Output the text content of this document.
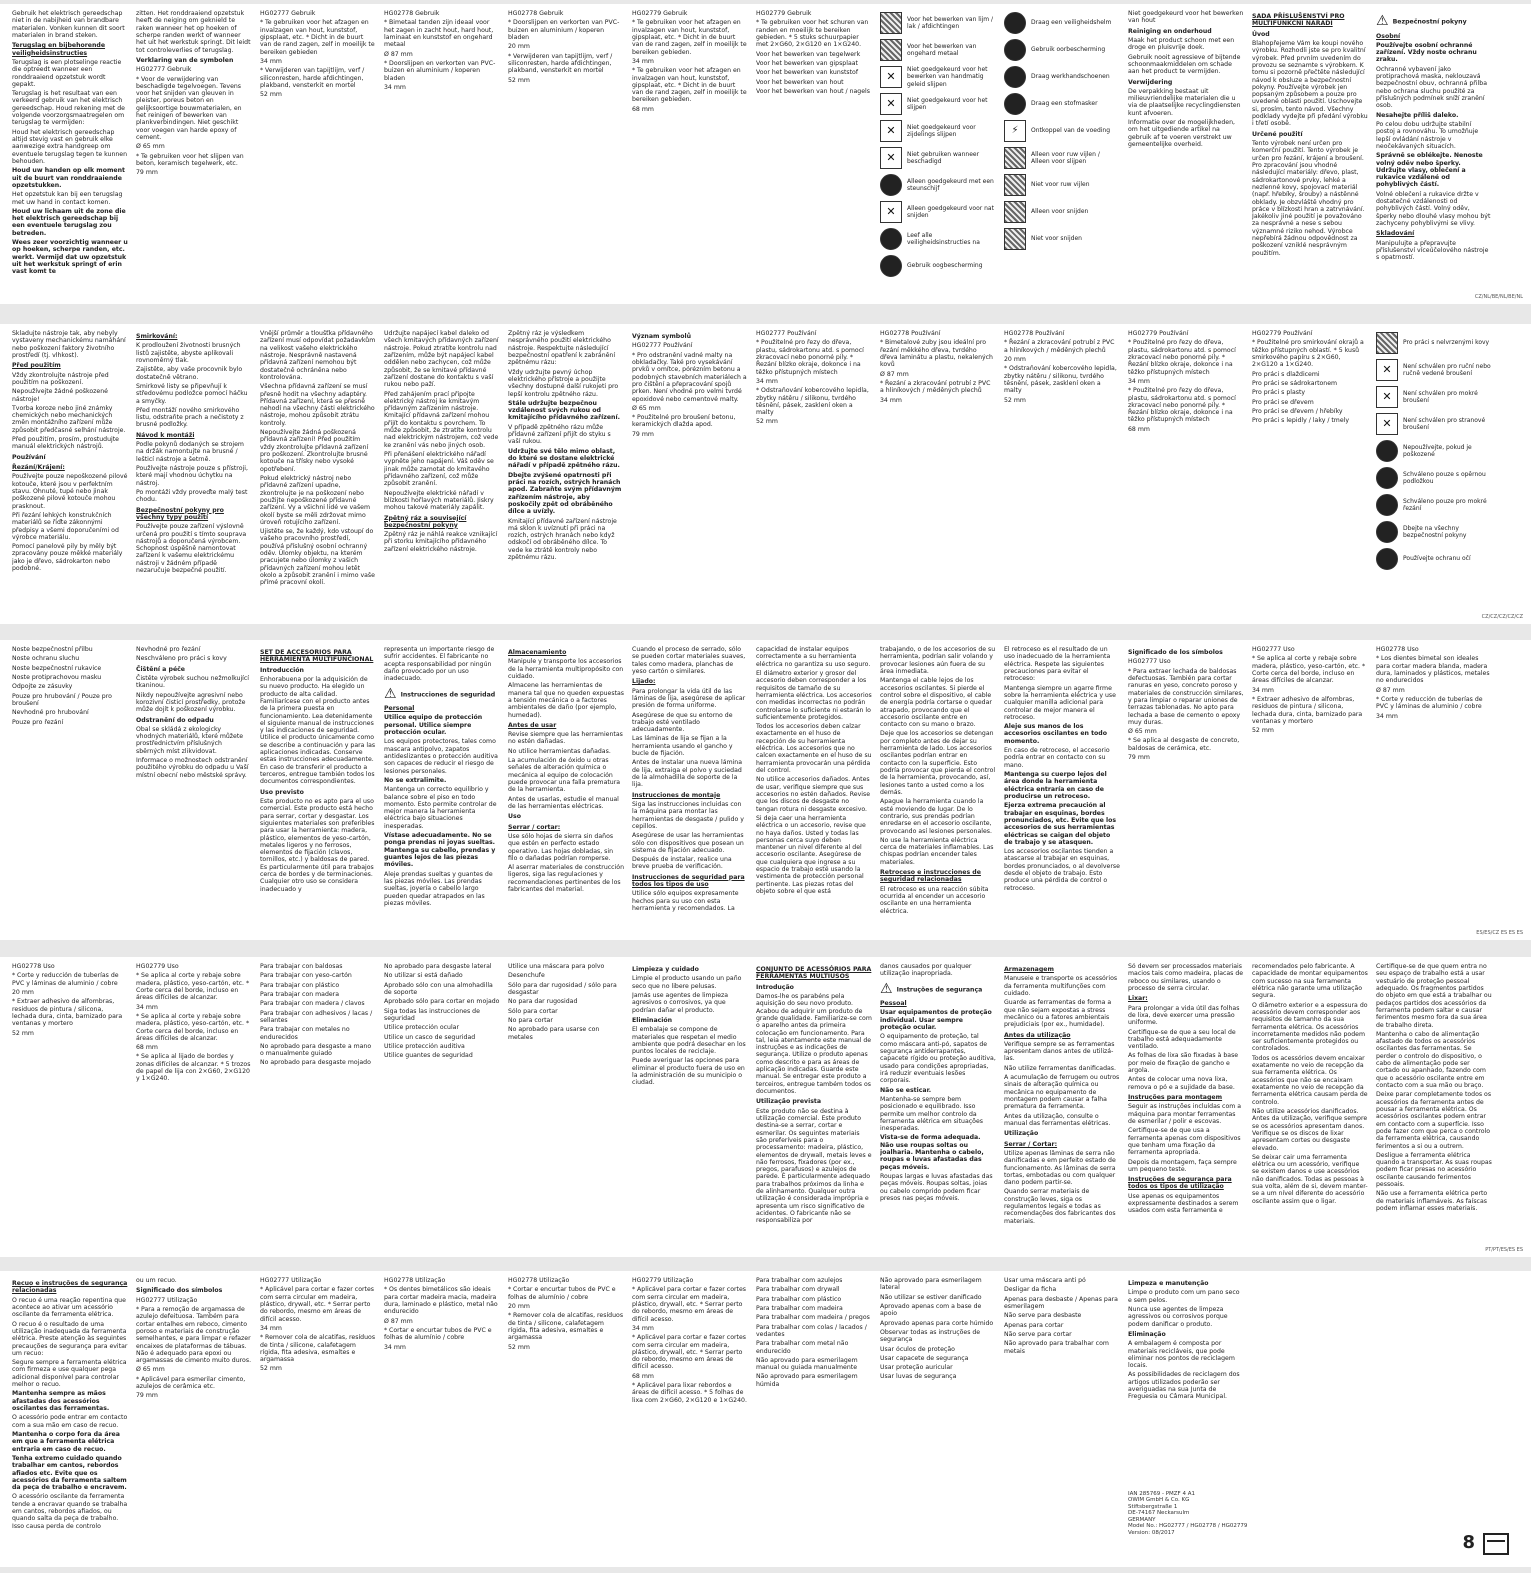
Gebruik het elektrisch gereedschap niet in de nabijheid van brandbare materialen. Vonken kunnen dit soort materialen in brand steken.

Terugslag en bijbehorende veiligheidsinstructies

Terugslag is een plotselinge reactie die optreedt wanneer een ronddraaiend opzetstuk wordt gepakt.

Terugslag is het resultaat van een verkeerd gebruik van het elektrisch gereedschap. Houd rekening met de volgende voorzorgsmaatregelen om terugslag te vermijden:

Houd het elektrisch gereedschap altijd stevig vast en gebruik elke aanwezige extra handgreep om eventuele terugslag tegen te kunnen behouden.

Houd uw handen op elk moment uit de buurt van ronddraaiende opzetstukken.

Het opzetstuk kan bij een terugslag met uw hand in contact komen.

Houd uw lichaam uit de zone die het elektrisch gereedschap bij een eventuele terugslag zou betreden.

Wees zeer voorzichtig wanneer u op hoeken, scherpe randen, etc. werkt. Vermijd dat uw opzetstuk uit het werkstuk springt of erin vast komt te

zitten. Het ronddraaiend opzetstuk heeft de neiging om geknield te raken wanneer het op hoeken of scherpe randen werkt of wanneer het uit het werkstuk springt. Dit leidt tot controleverlies of terugslag.

Verklaring van de symbolen

HG02777 Gebruik

* Voor de verwijdering van beschadigde tegelvoegen. Tevens voor het snijden van gleuven in pleister, poreus beton en gelijksoortige bouwmaterialen, en het reinigen of bewerken van plankverbindingen. Niet geschikt voor voegen van harde epoxy of cement.

Ø 65 mm

* Te gebruiken voor het slijpen van beton, keramisch tegelwerk, etc.

79 mm

HG02777 Gebruik

* Te gebruiken voor het afzagen en invalzagen van hout, kunststof, gipsplaat, etc. * Dicht in de buurt van de rand zagen, zelf in moeilijk te bereiken gebieden

34 mm

* Verwijderen van tapijtlijm, verf / siliconresten, harde afdichtingen, plakband, vensterkit en mortel

52 mm

HG02778 Gebruik

* Bimetaal tanden zijn ideaal voor het zagen in zacht hout, hard hout, laminaat en kunststof en ongehard metaal

Ø 87 mm

* Doorslijpen en verkorten van PVC-buizen en aluminium / koperen bladen

34 mm

HG02778 Gebruik

* Doorslijpen en verkorten van PVC-buizen en aluminium / koperen bladen

20 mm

* Verwijderen van tapijtlijm, verf / siliconresten, harde afdichtingen, plakband, vensterkit en mortel

52 mm

HG02779 Gebruik

* Te gebruiken voor het afzagen en invalzagen van hout, kunststof, gipsplaat, etc. * Dicht in de buurt van de rand zagen, zelf in moeilijk te bereiken gebieden.

34 mm

* Te gebruiken voor het afzagen en invalzagen van hout, kunststof, gipsplaat, etc. * Dicht in de buurt van de rand zagen, zelf in moeilijk te bereiken gebieden.

68 mm

HG02779 Gebruik

* Te gebruiken voor het schuren van randen en moeilijk te bereiken gebieden. * 5 stuks schuurpapier met 2×G60, 2×G120 en 1×G240.

Voor het bewerken van tegelwerk

Voor het bewerken van gipsplaat

Voor het bewerken van kunststof

Voor het bewerken van hout

Voor het bewerken van hout / nagels

Voor het bewerken van lijm / lak / afdichtingen
Voor het bewerken van ongehard metaal
✕
Niet goedgekeurd voor het bewerken van handmatig geleid slijpen
✕
Niet goedgekeurd voor het slijpen
✕
Niet goedgekeurd voor zijdelings slijpen
✕
Niet gebruiken wanneer beschadigd
Alleen goedgekeurd met een steunschijf
✕
Alleen goedgekeurd voor nat snijden
Leef alle veiligheidsinstructies na
Gebruik oogbescherming
Draag een veiligheidshelm
Gebruik oorbescherming
Draag werkhandschoenen
Draag een stofmasker
⚡	Ontkoppel van de voeding
Alleen voor ruw vijlen / Alleen voor slijpen
Niet voor ruw vijlen
Alleen voor snijden
Niet voor snijden

Niet goedgekeurd voor het bewerken van hout

Reiniging en onderhoud

Maak het product schoon met een droge en pluisvrije doek.

Gebruik nooit agressieve of bijtende schoonmaakmiddelen om schade aan het product te vermijden.

Verwijdering

De verpakking bestaat uit milieuvriendelijke materialen die u via de plaatselijke recyclingdiensten kunt afvoeren.

Informatie over de mogelijkheden, om het uitgediende artikel na gebruik af te voeren verstrekt uw gemeentelijke overheid.

SADA PŘÍSLUŠENSTVÍ PRO MULTIFUNKČNÍ NÁŘADÍ

Úvod

Blahopřejeme Vám ke koupi nového výrobku. Rozhodli jste se pro kvalitní výrobek. Před prvním uvedením do provozu se seznamte s výrobkem. K tomu si pozorně přečtěte následující návod k obsluze a bezpečnostní pokyny. Používejte výrobek jen popsaným způsobem a pouze pro uvedené oblasti použití. Uschovejte si, prosím, tento návod. Všechny podklady vydejte při předání výrobku i třetí osobě.

Určené použití

Tento výrobek není určen pro komerční použití. Tento výrobek je určen pro řezání, krájení a broušení. Pro zpracování jsou vhodné následující materiály: dřevo, plast, sádrokartonové prvky, lehké a nezlenné kovy, spojovací materiál (např. hřebíky, šrouby) a nástěnné obklady. Je obzvláště vhodný pro práce v blízkosti hran a zatrvnávání. Jakékoliv jiné použití je považováno za nesprávné a nese s sebou významné riziko nehod. Výrobce nepřebírá žádnou odpovědnost za poškození vzniklé nesprávným použitím.

⚠ Bezpečnostní pokyny

Osobní

Používejte osobní ochranné zařízení. Vždy noste ochranu zraku.

Ochranné vybavení jako protiprachová maska, neklouzavá bezpečnostní obuv, ochranná přilba nebo ochrana sluchu použité za příslušných podmínek sníží zranění osob.

Nesahejte příliš daleko.

Po celou dobu udržujte stabilní postoj a rovnováhu. To umožňuje lepší ovládání nástroje v neočekávaných situacích.

Správně se oblékejte. Nenoste volný oděv nebo šperky. Udržujte vlasy, oblečení a rukavice vzdálené od pohyblivých částí.

Volné oblečení a rukavice držte v dostatečné vzdálenosti od pohyblivých částí. Volný oděv, šperky nebo dlouhé vlasy mohou být zachyceny pohyblivými se vlivy.

Skladování

Manipulujte a přepravujte příslušenství víceúčelového nástroje s opatrností.

CZ/NL/BE/NL/BE/NL

Skladujte nástroje tak, aby nebyly vystaveny mechanickému namáhání nebo poškození faktory životního prostředí (tj. vlhkost).

Před použitím

Vždy zkontrolujte nástroje před použitím na poškození.

Nepoužívejte žádné poškozené nástroje!

Tvorba koroze nebo jiné známky chemických nebo mechanických změn montážního zařízení může způsobit předčasné selhání nástroje.

Před použitím, prosím, prostudujte manuál elektrických nástrojů.

Používání

Řezání/Krájení:

Používejte pouze nepoškozené pilové kotouče, které jsou v perfektním stavu. Ohnuté, tupé nebo jinak poškozené pilové kotouče mohou prasknout.

Při řezání lehkých konstrukčních materiálů se řiďte zákonnými předpisy a všemi doporučeními od výrobce materiálu.

Pomocí panelové pily by měly být zpracovány pouze měkké materiály jako je dřevo, sádrokarton nebo podobné.

Smirkování:

K prodloužení životnosti brusných listů zajistěte, abyste aplikovali rovnoměrný tlak.

Zajistěte, aby vaše procovnik bylo dostatečně větrano.

Smirkové listy se připevňují k středovému podložce pomocí háčku a smyčky.

Před montáží nového smirkového listu, odstraňte prach a nečistoty z brusné podložky.

Návod k montáži

Podle pokynů dodaných se strojem na držák namontujte na brusné / lešticí nástroje a šetrně.

Používejte nástroje pouze s přístroji, které mají vhodnou úchytku na nástroj.

Po montáži vždy proveďte malý test chodu.

Bezpečnostní pokyny pro všechny typy použití

Používejte pouze zařízení výslovně určená pro použití s tímto souprava nástrojů a doporučená výrobcem. Schopnost úspěšně namontovat zařízení k vašemu elektrickému nástroji v žádném případě nezaručuje bezpečné použití.

Vnější průměr a tloušťka přídavného zařízení musí odpovídat požadavkům na velikost vašeho elektrického nástroje. Nesprávně nastavená přídavná zařízení nemohou být dostatečně ochráněna nebo kontrolována.

Všechna přídavná zařízení se musí přesně hodit na všechny adaptéry. Přídavná zařízení, která se přesně nehodí na všechny části elektrického nástroje, mohou způsobit ztrátu kontroly.

Nepoužívejte žádná poškozená přídavná zařízení! Před použitím vždy zkontrolujte přídavná zařízení pro poškození. Zkontrolujte brusné kotouče na třísky nebo vysoké opotřebení.

Pokud elektrický nástroj nebo přídavné zařízení upadne, zkontrolujte je na poškození nebo použijte nepoškozené přídavné zařízení. Vy a všichni lidé ve vašem okolí byste se měli zdržovat mimo úroveň rotujícího zařízení.

Ujistěte se, že každý, kdo vstoupí do vašeho pracovního prostředí, používá příslušný osobní ochranný oděv. Úlomky objektu, na kterém pracujete nebo úlomky z vašich přídavných zařízení mohou letět okolo a způsobit zranění i mimo vaše přímé pracovní okolí.

Udržujte napájecí kabel daleko od všech kmitavých přídavných zařízení nástroje. Pokud ztratíte kontrolu nad zařízením, může být napájecí kabel oddělen nebo zachycen, což může způsobit, že se kmitavé přídavné zařízení dostane do kontaktu s vaší rukou nebo paží.

Před zahájením prací připojte elektrický nástroj ke kmitavým přídavným zařízením nástroje. Kmitající přídavná zařízení mohou přijít do kontaktu s povrchem. To může způsobit, že ztratíte kontrolu nad elektrickým nástrojem, což vede ke zranění vás nebo jiných osob.

Při přenášení elektrického nářadí vypněte jeho napájení. Váš oděv se jinak může zamotat do kmitavého přídavného zařízení, což může způsobit zranění.

Nepoužívejte elektrické nářadí v blízkosti hořlavých materiálů. Jiskry mohou takové materiály zapálit.

Zpětný ráz a související bezpečnostní pokyny

Zpětný ráz je náhlá reakce vznikající při storku kmitajícího přídavného zařízení elektrického nástroje.

Zpětný ráz je výsledkem nesprávného použití elektrického nástroje. Respektujte následující bezpečnostní opatření k zabránění zpětnému rázu:

Vždy udržujte pevný úchop elektrického přístroje a použijte všechny dostupné další rukojeti pro lepší kontrolu zpětného rázu.

Stále udržujte bezpečnou vzdálenost svých rukou od kmitajícího přídavného zařízení.

V případě zpětného rázu může přídavné zařízení přijít do styku s vaší rukou.

Udržujte své tělo mimo oblast, do které se dostane elektrické nářadí v případě zpětného rázu.

Dbejte zvýšené opatrnosti při práci na rozích, ostrých hranách apod. Zabraňte svým přídavným zařízením nástroje, aby poskočily zpět od obráběného dílce a uvízly.

Kmitající přídavné zařízení nástroje má sklon k uvíznutí při práci na rozích, ostrých hranách nebo když odskočí od obráběného dílce. To vede ke ztrátě kontroly nebo zpětnému rázu.

Význam symbolů

HG02777 Používání

* Pro odstranění vadné malty na obkladačky. Také pro vysekávání prvků v omítce, pórézním betonu a podobných stavebních materiálech a pro čištění a přepracování spojů prken. Není vhodné pro velmi tvrdé epoxidové nebo cementové malty.

Ø 65 mm

* Použitelné pro broušení betonu, keramických dlažda apod.

79 mm

HG02777 Používání

* Použitelné pro řezy do dřeva, plastu, sádrokartonu atd. s pomocí zkracovací nebo ponorné pily. * Řezání blízko okraje, dokonce i na těžko přístupných místech

34 mm

* Odstraňování kobercového lepidla, zbytky nátěru / silikonu, tvrdého těsnění, pásek, zasklení oken a malty

52 mm

HG02778 Používání

* Bimetalové zuby jsou ideální pro řezání měkkého dřeva, tvrdého dřeva laminátu a plastu, nekalených kovů

Ø 87 mm

* Řezání a zkracování potrubí z PVC a hliníkových / měděných plechů

34 mm

HG02778 Používání

* Řezání a zkracování potrubí z PVC a hliníkových / měděných plechů

20 mm

* Odstraňování kobercového lepidla, zbytky nátěru / silikonu, tvrdého těsnění, pásek, zasklení oken a malty

52 mm

HG02779 Používání

* Použitelné pro řezy do dřeva, plastu, sádrokartonu atd. s pomocí zkracovací nebo ponorné pily. * Řezání blízko okraje, dokonce i na těžko přístupných místech

34 mm

* Použitelné pro řezy do dřeva, plastu, sádrokartonu atd. s pomocí zkracovací nebo ponorné pily. * Řezání blízko okraje, dokonce i na těžko přístupných místech

68 mm

HG02779 Používání

* Použitelné pro smirkování okrajů a těžko přístupných oblastí. * 5 kusů smirkového papíru s 2×G60, 2×G120 a 1×G240.

Pro práci s dlaždicemi

Pro práci se sádrokartonem

Pro práci s plasty

Pro práci se dřevem

Pro práci se dřevem / hřebíky

Pro práci s lepidly / laky / tmely

Pro práci s nelvrzenými kovy
✕
Není schválen pro ruční nebo ručně vedené broušení
✕
Není schválen pro mokré broušení
✕
Není schválen pro stranové broušení
Nepoužívejte, pokud je poškozené
Schváleno pouze s opěrnou podložkou
Schváleno pouze pro mokré řezání
Dbejte na všechny bezpečnostní pokyny
Používejte ochranu očí
CZ/CZ/CZ/CZ/CZ

Noste bezpečnostní přilbu

Noste ochranu sluchu

Noste bezpečnostní rukavice

Noste protiprachovou masku

Odpojte ze zásuvky

Pouze pro hrubování / Pouze pro broušení

Nevhodné pro hrubování

Pouze pro řezání

Nevhodné pro řezání

Neschváleno pro práci s kovy

Čištění a péče

Čistěte výrobek suchou nežmolkující tkaninou.

Nikdy nepoužívejte agresivní nebo korozivní čisticí prostředky, protože může dojít k poškození výrobku.

Odstranění do odpadu

Obal se skládá z ekologicky vhodných materiálů, které můžete prostřednictvím příslušných sběrných míst zlikvidovat.

Informace o možnostech odstranění použitého výrobku do odpadu u Vaší místní obecní nebo městské správy.

SET DE ACCESORIOS PARA HERRAMIENTA MULTIFUNCIONAL

Introducción

Enhorabuena por la adquisición de su nuevo producto. Ha elegido un producto de alta calidad. Familiarícese con el producto antes de la primera puesta en funcionamiento. Lea detenidamente el siguiente manual de instrucciones y las indicaciones de seguridad. Utilice el producto únicamente como se describe a continuación y para las aplicaciones indicadas. Conserve estas instrucciones adecuadamente. En caso de transferir el producto a terceros, entregue también todos los documentos correspondientes.

Uso previsto

Este producto no es apto para el uso comercial. Este producto está hecho para serrar, cortar y desgastar. Los siguientes materiales son preferibles para usar la herramienta: madera, plástico, elementos de yeso-cartón, metales ligeros y no ferrosos, elementos de fijación (clavos, tornillos, etc.) y baldosas de pared. Es particularmente útil para trabajos cerca de bordes y de terminaciones. Cualquier otro uso se considera inadecuado y

representa un importante riesgo de sufrir accidentes. El fabricante no acepta responsabilidad por ningún daño provocado por un uso inadecuado.

⚠ Instrucciones de seguridad

Personal

Utilice equipo de protección personal. Utilice siempre protección ocular.

Los equipos protectores, tales como mascara antipolvo, zapatos antideslizantes o protección auditiva son capaces de reducir el riesgo de lesiones personales.

No se extralimite.

Mantenga un correcto equilibrio y balance sobre el piso en todo momento. Esto permite controlar de mejor manera la herramienta eléctrica bajo situaciones inesperadas.

Vístase adecuadamente. No se ponga prendas ni joyas sueltas. Mantenga su cabello, prendas y guantes lejos de las piezas móviles.

Aleje prendas sueltas y guantes de las piezas móviles. Las prendas sueltas, joyería o cabello largo pueden quedar atrapados en las piezas móviles.

Almacenamiento

Manipule y transporte los accesorios de la herramienta multipropósito con cuidado.

Almacene las herramientas de manera tal que no queden expuestas a tensión mecánica o a factores ambientales de daño (por ejemplo, humedad).

Antes de usar

Revise siempre que las herramientas no estén dañadas.

No utilice herramientas dañadas.

La acumulación de óxido u otras señales de alteración química o mecánica al equipo de colocación puede provocar una falla prematura de la herramienta.

Antes de usarlas, estudie el manual de las herramientas eléctricas.

Uso

Serrar / cortar:

Use sólo hojas de sierra sin daños que estén en perfecto estado operativo. Las hojas dobladas, sin filo o dañadas podrían romperse.

Al aserrar materiales de construcción ligeros, siga las regulaciones y recomendaciones pertinentes de los fabricantes del material.

Cuando el proceso de serrado, sólo se pueden cortar materiales suaves, tales como madera, planchas de yeso cartón o similares.

Lijado:

Para prolongar la vida útil de las láminas de lija, asegúrese de aplicar presión de forma uniforme.

Asegúrese de que su entorno de trabajo esté ventilado adecuadamente.

Las láminas de lija se fijan a la herramienta usando el gancho y bucle de fijación.

Antes de instalar una nueva lámina de lija, extraiga el polvo y suciedad de la almohadilla de soporte de la lija.

Instrucciones de montaje

Siga las instrucciones incluidas con la máquina para montar las herramientas de desgaste / pulido y cepillos.

Asegúrese de usar las herramientas sólo con dispositivos que posean un sistema de fijación adecuado.

Después de instalar, realice una breve prueba de verificación.

Instrucciones de seguridad para todos los tipos de uso

Utilice sólo equipos expresamente hechos para su uso con esta herramienta y recomendados. La

capacidad de instalar equipos correctamente a su herramienta eléctrica no garantiza su uso seguro.

El diámetro exterior y grosor del accesorio deben corresponder a los requisitos de tamaño de su herramienta eléctrica. Los accesorios con medidas incorrectas no podrán controlarse lo suficiente ni estarán lo suficientemente protegidos.

Todos los accesorios deben calzar exactamente en el huso de recepción de su herramienta eléctrica. Los accesorios que no calcen exactamente en el huso de su herramienta provocarán una pérdida del control.

No utilice accesorios dañados. Antes de usar, verifique siempre que sus accesorios no estén dañados. Revise que los discos de desgaste no tengan rotura ni desgaste excesivo.

Si deja caer una herramienta eléctrica o un accesorio, revise que no haya daños. Usted y todas las personas cerca suyo deben mantener un nivel diferente al del accesorio oscilante. Asegúrese de que cualquiera que ingrese a su espacio de trabajo esté usando la vestimenta de protección personal pertinente. Las piezas rotas del objeto sobre el que está

trabajando, o de los accesorios de su herramienta, podrían salir volando y provocar lesiones aún fuera de su área inmediata.

Mantenga el cable lejos de los accesorios oscilantes. Si pierde el control sobre el dispositivo, el cable de energía podría cortarse o quedar atrapado, provocando que el accesorio oscilante entre en contacto con su mano o brazo.

Deje que los accesorios se detengan por completo antes de dejar su herramienta de lado. Los accesorios oscilantes podrían entrar en contacto con la superficie. Esto podría provocar que pierda el control de la herramienta, provocando, así, lesiones tanto a usted como a los demás.

Apague la herramienta cuando la esté moviendo de lugar. De lo contrario, sus prendas podrían enredarse en el accesorio oscilante, provocando así lesiones personales.

No use la herramienta eléctrica cerca de materiales inflamables. Las chispas podrían encender tales materiales.

Retroceso e instrucciones de seguridad relacionadas

El retroceso es una reacción súbita ocurrida al encender un accesorio oscilante en una herramienta eléctrica.

El retroceso es el resultado de un uso inadecuado de la herramienta eléctrica. Respete las siguientes precauciones para evitar el retroceso:

Mantenga siempre un agarre firme sobre la herramienta eléctrica y use cualquier manilla adicional para controlar de mejor manera el retroceso.

Aleje sus manos de los accesorios oscilantes en todo momento.

En caso de retroceso, el accesorio podría entrar en contacto con su mano.

Mantenga su cuerpo lejos del área donde la herramienta eléctrica entraría en caso de producirse un retroceso.

Ejerza extrema precaución al trabajar en esquinas, bordes pronunciados, etc. Evite que los accesorios de sus herramientas eléctricas se caigan del objeto de trabajo y se atasquen.

Los accesorios oscilantes tienden a atascarse al trabajar en esquinas, bordes pronunciados, o al devolverse desde el objeto de trabajo. Esto produce una pérdida de control o retroceso.

Significado de los símbolos

HG02777 Uso

* Para extraer lechada de baldosas defectuosas. También para cortar ranuras en yeso, concreto poroso y materiales de construcción similares, y para limpiar o reparar uniones de terrazas tablonadas. No apto para lechada a base de cemento o epoxy muy duras.

Ø 65 mm

* Se aplica al desgaste de concreto, baldosas de cerámica, etc.

79 mm

HG02777 Uso

* Se aplica al corte y rebaje sobre madera, plástico, yeso-cartón, etc. * Corte cerca del borde, incluso en áreas difíciles de alcanzar.

34 mm

* Extraer adhesivo de alfombras, residuos de pintura / silicona, lechada dura, cinta, barnizado para ventanas y mortero

52 mm

HG02778 Uso

* Los dientes bimetal son ideales para cortar madera blanda, madera dura, laminados y plásticos, metales no endurecidos

Ø 87 mm

* Corte y reducción de tuberías de PVC y láminas de aluminio / cobre

34 mm

ES/ES/CZ ES ES ES

HG02778 Uso

* Corte y reducción de tuberías de PVC y láminas de aluminio / cobre

20 mm

* Extraer adhesivo de alfombras, residuos de pintura / silicona, lechada dura, cinta, barnizado para ventanas y mortero

52 mm

HG02779 Uso

* Se aplica al corte y rebaje sobre madera, plástico, yeso-cartón, etc. * Corte cerca del borde, incluso en áreas difíciles de alcanzar.

34 mm

* Se aplica al corte y rebaje sobre madera, plástico, yeso-cartón, etc. * Corte cerca del borde, incluso en áreas difíciles de alcanzar.

68 mm

* Se aplica al lijado de bordes y zonas difíciles de alcanzar. * 5 trozos de papel de lija con 2×G60, 2×G120 y 1×G240.

Para trabajar con baldosas

Para trabajar con yeso-cartón

Para trabajar con plástico

Para trabajar con madera

Para trabajar con madera / clavos

Para trabajar con adhesivos / lacas / sellantes

Para trabajar con metales no endurecidos

No aprobado para desgaste a mano o manualmente guiado

No aprobado para desgaste mojado

No aprobado para desgaste lateral

No utilizar si está dañado

Aprobado sólo con una almohadilla de soporte

Aprobado sólo para cortar en mojado

Siga todas las instrucciones de seguridad

Utilice protección ocular

Utilice un casco de seguridad

Utilice protección auditiva

Utilice guantes de seguridad

Utilice una máscara para polvo

Desenchufe

Sólo para dar rugosidad / sólo para desgastar

No para dar rugosidad

Sólo para cortar

No para cortar

No aprobado para usarse con metales

Limpieza y cuidado

Limpie el producto usando un paño seco que no libere pelusas.

Jamás use agentes de limpieza agresivos o corrosivos, ya que podrían dañar el producto.

Eliminación

El embalaje se compone de materiales que respetan el medio ambiente que podrá desechar en los puntos locales de reciclaje.

Puede averiguar las opciones para eliminar el producto fuera de uso en la administración de su municipio o ciudad.

CONJUNTO DE ACESSÓRIOS PARA FERRAMENTAS MULTIUSOS

Introdução

Damos-lhe os parabéns pela aquisição do seu novo produto. Acabou de adquirir um produto de grande qualidade. Familiarize-se com o aparelho antes da primeira colocação em funcionamento. Para tal, leia atentamente este manual de instruções e as indicações de segurança. Utilize o produto apenas como descrito e para as áreas de aplicação indicadas. Guarde este manual. Se entregar este produto a terceiros, entregue também todos os documentos.

Utilização prevista

Este produto não se destina à utilização comercial. Este produto destina-se a serrar, cortar e esmerilar. Os seguintes materiais são preferíveis para o processamento: madeira, plástico, elementos de drywall, metais leves e não ferrosos, fixadores (por ex., pregos, parafusos) e azulejos de parede. É particularmente adequado para trabalhos próximos da linha e de alinhamento. Qualquer outra utilização é considerada imprópria e apresenta um risco significativo de acidentes. O fabricante não se responsabiliza por

danos causados por qualquer utilização inapropriada.

⚠ Instruções de segurança

Pessoal

Usar equipamentos de proteção individual. Usar sempre proteção ocular.

O equipamento de proteção, tal como máscara anti-pó, sapatos de segurança antiderrapantes, capacete rígido ou proteção auditiva, usado para condições apropriadas, irá reduzir eventuais lesões corporais.

Não se esticar.

Mantenha-se sempre bem posicionado e equilibrado. Isso permite um melhor controlo da ferramenta elétrica em situações inesperadas.

Vista-se de forma adequada. Não use roupas soltas ou joalharia. Mantenha o cabelo, roupas e luvas afastadas das peças móveis.

Roupas largas e luvas afastadas das peças móveis. Roupas soltas, joias ou cabelo comprido podem ficar presos nas peças móveis.

Armazenagem

Manuseie e transporte os acessórios da ferramenta multifunções com cuidado.

Guarde as ferramentas de forma a que não sejam expostas a stress mecânico ou a fatores ambientais prejudiciais (por ex., humidade).

Antes da utilização

Verifique sempre se as ferramentas apresentam danos antes de utilizá-las.

Não utilize ferramentas danificadas.

A acumulação de ferrugem ou outros sinais de alteração química ou mecânica no equipamento de montagem podem causar a falha prematura da ferramenta.

Antes da utilização, consulte o manual das ferramentas elétricas.

Utilização

Serrar / Cortar:

Utilize apenas lâminas de serra não danificadas e em perfeito estado de funcionamento. As lâminas de serra tortas, embotadas ou com qualquer dano podem partir-se.

Quando serrar materiais de construção leves, siga os regulamentos legais e todas as recomendações dos fabricantes dos materiais.

Só devem ser processados materiais macios tais como madeira, placas de reboco ou similares, usando o processo de serra circular.

Lixar:

Para prolongar a vida útil das folhas de lixa, deve exercer uma pressão uniforme.

Certifique-se de que a seu local de trabalho está adequadamente ventilado.

As folhas de lixa são fixadas à base por meio de fixação de gancho e argola.

Antes de colocar uma nova lixa, remova o pó e a sujidade da base.

Instruções para montagem

Seguir as instruções incluídas com a máquina para montar ferramentas de esmerilar / polir e escovas.

Certifique-se de que usa a ferramenta apenas com dispositivos que tenham uma fixação da ferramenta apropriada.

Depois da montagem, faça sempre um pequeno teste.

Instruções de segurança para todos os tipos de utilização

Use apenas os equipamentos expressamente destinados a serem usados com esta ferramenta e

recomendados pelo fabricante. A capacidade de montar equipamentos com sucesso na sua ferramenta elétrica não garante uma utilização segura.

O diâmetro exterior e a espessura do acessório devem corresponder aos requisitos de tamanho da sua ferramenta elétrica. Os acessórios incorretamente medidos não podem ser suficientemente protegidos ou controlados.

Todos os acessórios devem encaixar exatamente no veio de recepção da sua ferramenta elétrica. Os acessórios que não se encaixam exatamente no veio de recepção da ferramenta elétrica causam perda de controlo.

Não utilize acessórios danificados. Antes da utilização, verifique sempre se os acessórios apresentam danos. Verifique se os discos de lixar apresentam cortes ou desgaste elevado.

Se deixar cair uma ferramenta elétrica ou um acessório, verifique se existem danos e use acessórios não danificados. Todas as pessoas à sua volta, além de si, devem manter-se a um nível diferente do acessório oscilante assim que o ligar.

Certifique-se de que quem entra no seu espaço de trabalho está a usar vestuário de proteção pessoal adequado. Os fragmentos partidos do objeto em que está a trabalhar ou pedaços partidos dos acessórios da ferramenta podem saltar e causar ferimentos mesmo fora da sua área de trabalho direta.

Mantenha o cabo de alimentação afastado de todos os acessórios oscilantes das ferramentas. Se perder o controlo do dispositivo, o cabo de alimentação pode ser cortado ou apanhado, fazendo com que o acessório oscilante entre em contacto com a sua mão ou braço.

Deixe parar completamente todos os acessórios da ferramenta antes de pousar a ferramenta elétrica. Os acessórios oscilantes podem entrar em contacto com a superfície. Isso pode fazer com que perca o controlo da ferramenta elétrica, causando ferimentos a si ou a outrem.

Desligue a ferramenta elétrica quando a transportar. As suas roupas podem ficar presas no acessório oscilante causando ferimentos pessoais.

Não use a ferramenta elétrica perto de materiais inflamáveis. As faíscas podem inflamar esses materiais.

PT/PT/ES/ES ES

Recuo e instruções de segurança relacionadas

O recuo é uma reação repentina que acontece ao ativar um acessório oscilante da ferramenta elétrica.

O recuo é o resultado de uma utilização inadequada da ferramenta elétrica. Preste atenção às seguintes precauções de segurança para evitar um recuo:

Segure sempre a ferramenta elétrica com firmeza e use qualquer pega adicional disponível para controlar melhor o recuo.

Mantenha sempre as mãos afastadas dos acessórios oscilantes das ferramentas.

O acessório pode entrar em contacto com a sua mão em caso de recuo.

Mantenha o corpo fora da área em que a ferramenta elétrica entraria em caso de recuo.

Tenha extremo cuidado quando trabalhar em cantos, rebordos afiados etc. Evite que os acessórios da ferramenta saltem da peça de trabalho e encravem.

O acessório oscilante da ferramenta tende a encravar quando se trabalha em cantos, rebordos afiados, ou quando salta da peça de trabalho. Isso causa perda de controlo

ou um recuo.

Significado dos símbolos

HG02777 Utilização

* Para a remoção de argamassa de azulejo defeituosa. Também para cortar entalhes em reboco, cimento poroso e materiais de construção semelhantes, e para limpar e refazer encaixes de plataformas de tábuas. Não é adequado para epoxi ou argamassas de cimento muito duros.

Ø 65 mm

* Aplicável para esmerilar cimento, azulejos de cerâmica etc.

79 mm

HG02777 Utilização

* Aplicável para cortar e fazer cortes com serra circular em madeira, plástico, drywall, etc. * Serrar perto do rebordo, mesmo em áreas de difícil acesso.

34 mm

* Remover cola de alcatifas, resíduos de tinta / silicone, calafetagem rígida, fita adesiva, esmaltes e argamassa

52 mm

HG02778 Utilização

* Os dentes bimetálicos são ideais para cortar madeira macia, madeira dura, laminado e plástico, metal não endurecido

Ø 87 mm

* Cortar e encurtar tubos de PVC e folhas de alumínio / cobre

34 mm

HG02778 Utilização

* Cortar e encurtar tubos de PVC e folhas de alumínio / cobre

20 mm

* Remover cola de alcatifas, resíduos de tinta / silicone, calafetagem rígida, fita adesiva, esmaltes e argamassa

52 mm

HG02779 Utilização

* Aplicável para cortar e fazer cortes com serra circular em madeira, plástico, drywall, etc. * Serrar perto do rebordo, mesmo em áreas de difícil acesso.

34 mm

* Aplicável para cortar e fazer cortes com serra circular em madeira, plástico, drywall, etc. * Serrar perto do rebordo, mesmo em áreas de difícil acesso.

68 mm

* Aplicável para lixar rebordos e áreas de difícil acesso. * 5 folhas de lixa com 2×G60, 2×G120 e 1×G240.

Para trabalhar com azulejos

Para trabalhar com drywall

Para trabalhar com plástico

Para trabalhar com madeira

Para trabalhar com madeira / pregos

Para trabalhar com colas / lacados / vedantes

Para trabalhar com metal não endurecido

Não aprovado para esmerilagem manual ou guiada manualmente

Não aprovado para esmerilagem húmida

Não aprovado para esmerilagem lateral

Não utilizar se estiver danificado

Aprovado apenas com a base de apoio

Aprovado apenas para corte húmido

Observar todas as instruções de segurança

Usar óculos de proteção

Usar capacete de segurança

Usar proteção auricular

Usar luvas de segurança

Usar uma máscara anti pó

Desligar da ficha

Apenas para desbaste / Apenas para esmerilagem

Não serve para desbaste

Apenas para cortar

Não serve para cortar

Não aprovado para trabalhar com metais

Limpeza e manutenção

Limpe o produto com um pano seco e sem pelos.

Nunca use agentes de limpeza agressivos ou corrosivos porque podem danificar o produto.

Eliminação

A embalagem é composta por materiais recicláveis, que pode eliminar nos pontos de reciclagem locais.

As possibilidades de reciclagem dos artigos utilizados poderão ser averiguadas na sua Junta de Freguesia ou Câmara Municipal.

IAN 285769 - PMZF 4 A1
OWIM GmbH & Co. KG
Stiftsbergstraße 1
DE-74167 Neckarsulm
GERMANY
Model No.: HG02777 / HG02778 / HG02779
Version: 08/2017	8
